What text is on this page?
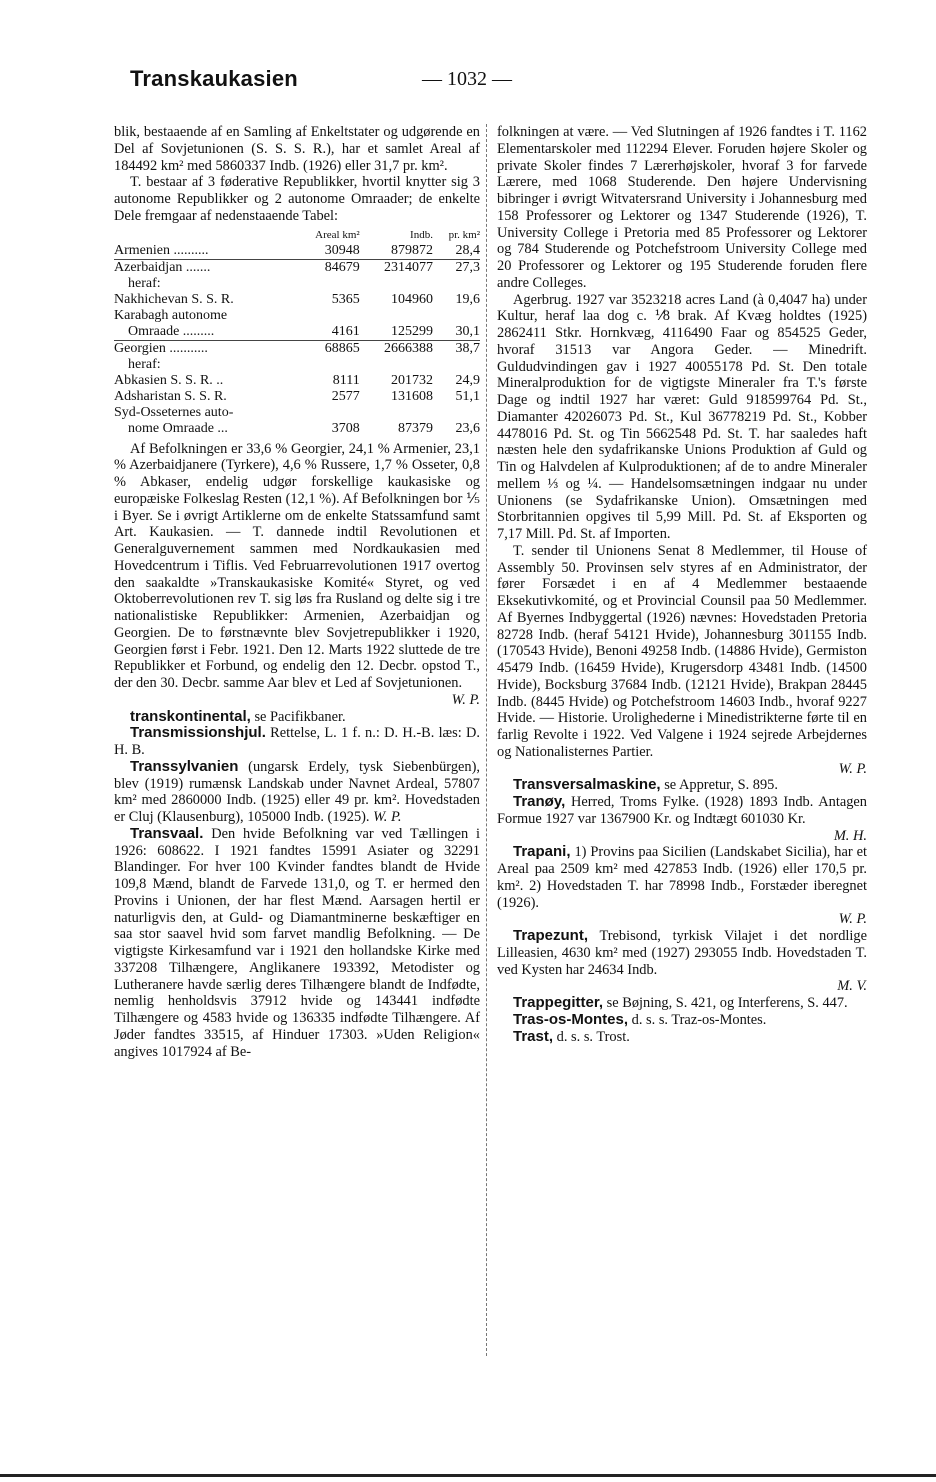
Transkaukasien	— 1032 —

blik, bestaaende af en Samling af Enkeltstater og udgørende en Del af Sovjetunionen (S. S. S. R.), har et samlet Areal af 184492 km² med 5860337 Indb. (1926) eller 31,7 pr. km².

T. bestaar af 3 føderative Republikker, hvortil knytter sig 3 autonome Republikker og 2 autonome Omraader; de enkelte Dele fremgaar af nedenstaaende Tabel:

	Areal km²	Indb.	pr. km²
Armenien ..........	30948	879872	28,4
Azerbaidjan .......	84679	2314077	27,3
heraf:			
Nakhichevan S. S. R.	5365	104960	19,6
Karabagh autonome			
Omraade .........	4161	125299	30,1
Georgien ...........	68865	2666388	38,7
heraf:			
Abkasien S. S. R. ..	8111	201732	24,9
Adsharistan S. S. R.	2577	131608	51,1
Syd-Osseternes auto-			
nome Omraade ...	3708	87379	23,6

Af Befolkningen er 33,6 % Georgier, 24,1 % Armenier, 23,1 % Azerbaidjanere (Tyrkere), 4,6 % Russere, 1,7 % Osseter, 0,8 % Abkaser, endelig udgør forskellige kaukasiske og europæiske Folkeslag Resten (12,1 %). Af Befolkningen bor ⅕ i Byer. Se i øvrigt Artiklerne om de enkelte Statssamfund samt Art. Kaukasien. — T. dannede indtil Revolutionen et Generalguvernement sammen med Nordkaukasien med Hovedcentrum i Tiflis. Ved Februarrevolutionen 1917 overtog den saakaldte »Transkaukasiske Komité« Styret, og ved Oktoberrevolutionen rev T. sig løs fra Rusland og delte sig i tre nationalistiske Republikker: Armenien, Azerbaidjan og Georgien. De to førstnævnte blev Sovjetrepublikker i 1920, Georgien først i Febr. 1921. Den 12. Marts 1922 sluttede de tre Republikker et Forbund, og endelig den 12. Decbr. opstod T., der den 30. Decbr. samme Aar blev et Led af Sovjetunionen.

W. P.

transkontinental, se Pacifikbaner.

Transmissionshjul. Rettelse, L. 1 f. n.: D. H.-B. læs: D. H. B.

Transsylvanien (ungarsk Erdely, tysk Siebenbürgen), blev (1919) rumænsk Landskab under Navnet Ardeal, 57807 km² med 2860000 Indb. (1925) eller 49 pr. km². Hovedstaden er Cluj (Klausenburg), 105000 Indb. (1925). W. P.

Transvaal. Den hvide Befolkning var ved Tællingen i 1926: 608622. I 1921 fandtes 15991 Asiater og 32291 Blandinger. For hver 100 Kvinder fandtes blandt de Hvide 109,8 Mænd, blandt de Farvede 131,0, og T. er hermed den Provins i Unionen, der har flest Mænd. Aarsagen hertil er naturligvis den, at Guld- og Diamantminerne beskæftiger en saa stor saavel hvid som farvet mandlig Befolkning. — De vigtigste Kirkesamfund var i 1921 den hollandske Kirke med 337208 Tilhængere, Anglikanere 193392, Metodister og Lutheranere havde særlig deres Tilhængere blandt de Indfødte, nemlig henholdsvis 37912 hvide og 143441 indfødte Tilhængere og 4583 hvide og 136335 indfødte Tilhængere. Af Jøder fandtes 33515, af Hinduer 17303. »Uden Religion« angives 1017924 af Be-

folkningen at være. — Ved Slutningen af 1926 fandtes i T. 1162 Elementarskoler med 112294 Elever. Foruden højere Skoler og private Skoler findes 7 Lærerhøjskoler, hvoraf 3 for farvede Lærere, med 1068 Studerende. Den højere Undervisning bibringer i øvrigt Witvatersrand University i Johannesburg med 158 Professorer og Lektorer og 1347 Studerende (1926), T. University College i Pretoria med 85 Professorer og Lektorer og 784 Studerende og Potchefstroom University College med 20 Professorer og Lektorer og 195 Studerende foruden flere andre Colleges.

Agerbrug. 1927 var 3523218 acres Land (à 0,4047 ha) under Kultur, heraf laa dog c. ⅟8 brak. Af Kvæg holdtes (1925) 2862411 Stkr. Hornkvæg, 4116490 Faar og 854525 Geder, hvoraf 31513 var Angora Geder. — Minedrift. Guldudvindingen gav i 1927 40055178 Pd. St. Den totale Mineralproduktion for de vigtigste Mineraler fra T.'s første Dage og indtil 1927 har været: Guld 918599764 Pd. St., Diamanter 42026073 Pd. St., Kul 36778219 Pd. St., Kobber 4478016 Pd. St. og Tin 5662548 Pd. St. T. har saaledes haft næsten hele den sydafrikanske Unions Produktion af Guld og Tin og Halvdelen af Kulproduktionen; af de to andre Mineraler mellem ⅓ og ¼. — Handelsomsætningen indgaar nu under Unionens (se Sydafrikanske Union). Omsætningen med Storbritannien opgives til 5,99 Mill. Pd. St. af Eksporten og 7,17 Mill. Pd. St. af Importen.

T. sender til Unionens Senat 8 Medlemmer, til House of Assembly 50. Provinsen selv styres af en Administrator, der fører Forsædet i en af 4 Medlemmer bestaaende Eksekutivkomité, og et Provincial Counsil paa 50 Medlemmer. Af Byernes Indbyggertal (1926) nævnes: Hovedstaden Pretoria 82728 Indb. (heraf 54121 Hvide), Johannesburg 301155 Indb. (170543 Hvide), Benoni 49258 Indb. (14886 Hvide), Germiston 45479 Indb. (16459 Hvide), Krugersdorp 43481 Indb. (14500 Hvide), Bocksburg 37684 Indb. (12121 Hvide), Brakpan 28445 Indb. (8445 Hvide) og Potchefstroom 14603 Indb., hvoraf 9227 Hvide. — Historie. Urolighederne i Minedistrikterne førte til en farlig Revolte i 1922. Ved Valgene i 1924 sejrede Arbejdernes og Nationalisternes Partier.

W. P.

Transversalmaskine, se Appretur, S. 895.

Tranøy, Herred, Troms Fylke. (1928) 1893 Indb. Antagen Formue 1927 var 1367900 Kr. og Indtægt 601030 Kr.

M. H.

Trapani, 1) Provins paa Sicilien (Landskabet Sicilia), har et Areal paa 2509 km² med 427853 Indb. (1926) eller 170,5 pr. km². 2) Hovedstaden T. har 78998 Indb., Forstæder iberegnet (1926).

W. P.

Trapezunt, Trebisond, tyrkisk Vilajet i det nordlige Lilleasien, 4630 km² med (1927) 293055 Indb. Hovedstaden T. ved Kysten har 24634 Indb.

M. V.

Trappegitter, se Bøjning, S. 421, og Interferens, S. 447.

Tras-os-Montes, d. s. s. Traz-os-Montes.

Trast, d. s. s. Trost.
